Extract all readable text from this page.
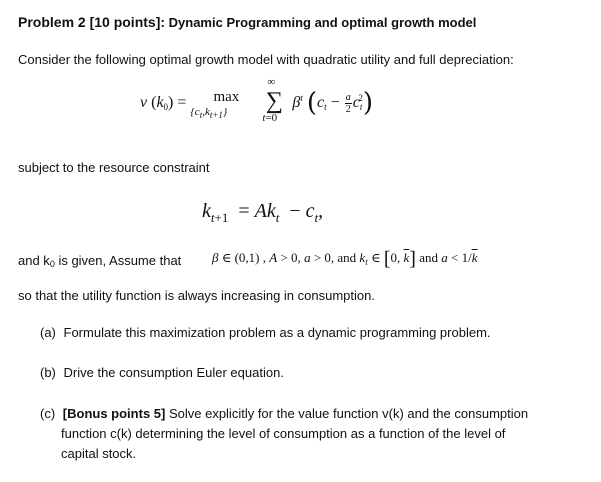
Problem 2 [10 points]: Dynamic Programming and optimal growth model
Consider the following optimal growth model with quadratic utility and full depreciation:
v $(k_0) = \max$
$\{c_t,k_{t+1}\}$

∞
∑
t=0
$\beta^t$ $(c_t - \frac{a}{2} c_t^2)$
subject to the resource constraint
$k_{t+1} = Ak_t - c_t$,
and k0 is given, Assume that β ∈ (0,1) , A > 0, a > 0, and $k_t$ ∈ [0, $\overline{k}$] and $a < 1/\overline{k}$
so that the utility function is always increasing in consumption.
(a) Formulate this maximization problem as a dynamic programming problem.
(b) Drive the consumption Euler equation.
(c) [Bonus points 5] Solve explicitly for the value function v(k) and the consumption
function c(k) determining the level of consumption as a function of the level of
capital stock.
